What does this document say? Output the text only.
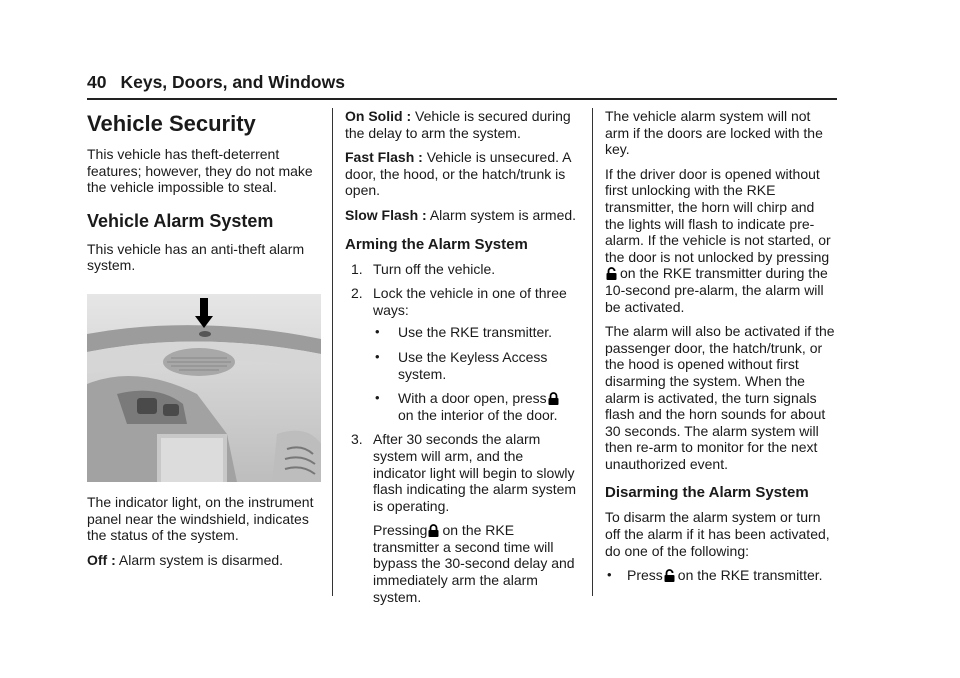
40 Keys, Doors, and Windows
Vehicle Security

This vehicle has theft-deterrent features; however, they do not make the vehicle impossible to steal.

Vehicle Alarm System

This vehicle has an anti-theft alarm system.

The indicator light, on the instrument panel near the windshield, indicates the status of the system.

Off : Alarm system is disarmed.

On Solid : Vehicle is secured during the delay to arm the system.

Fast Flash : Vehicle is unsecured. A door, the hood, or the hatch/trunk is open.

Slow Flash : Alarm system is armed.

Arming the Alarm System
1. Turn off the vehicle.
2. Lock the vehicle in one of three ways:
• Use the RKE transmitter.
• Use the Keyless Access system.
• With a door open, press
on the interior of the door.
3. After 30 seconds the alarm system will arm, and the indicator light will begin to slowly flash indicating the alarm system is operating.
Pressing on the RKE transmitter a second time will bypass the 30-second delay and immediately arm the alarm system.

The vehicle alarm system will not arm if the doors are locked with the key.

If the driver door is opened without first unlocking with the RKE transmitter, the horn will chirp and the lights will flash to indicate pre-alarm. If the vehicle is not started, or the door is not unlocked by pressing
on the RKE transmitter during the 10-second pre-alarm, the alarm will be activated.

The alarm will also be activated if the passenger door, the hatch/trunk, or the hood is opened without first disarming the system. When the alarm is activated, the turn signals flash and the horn sounds for about 30 seconds. The alarm system will then re-arm to monitor for the next unauthorized event.

Disarming the Alarm System

To disarm the alarm system or turn off the alarm if it has been activated, do one of the following:

• Press on the RKE transmitter.
